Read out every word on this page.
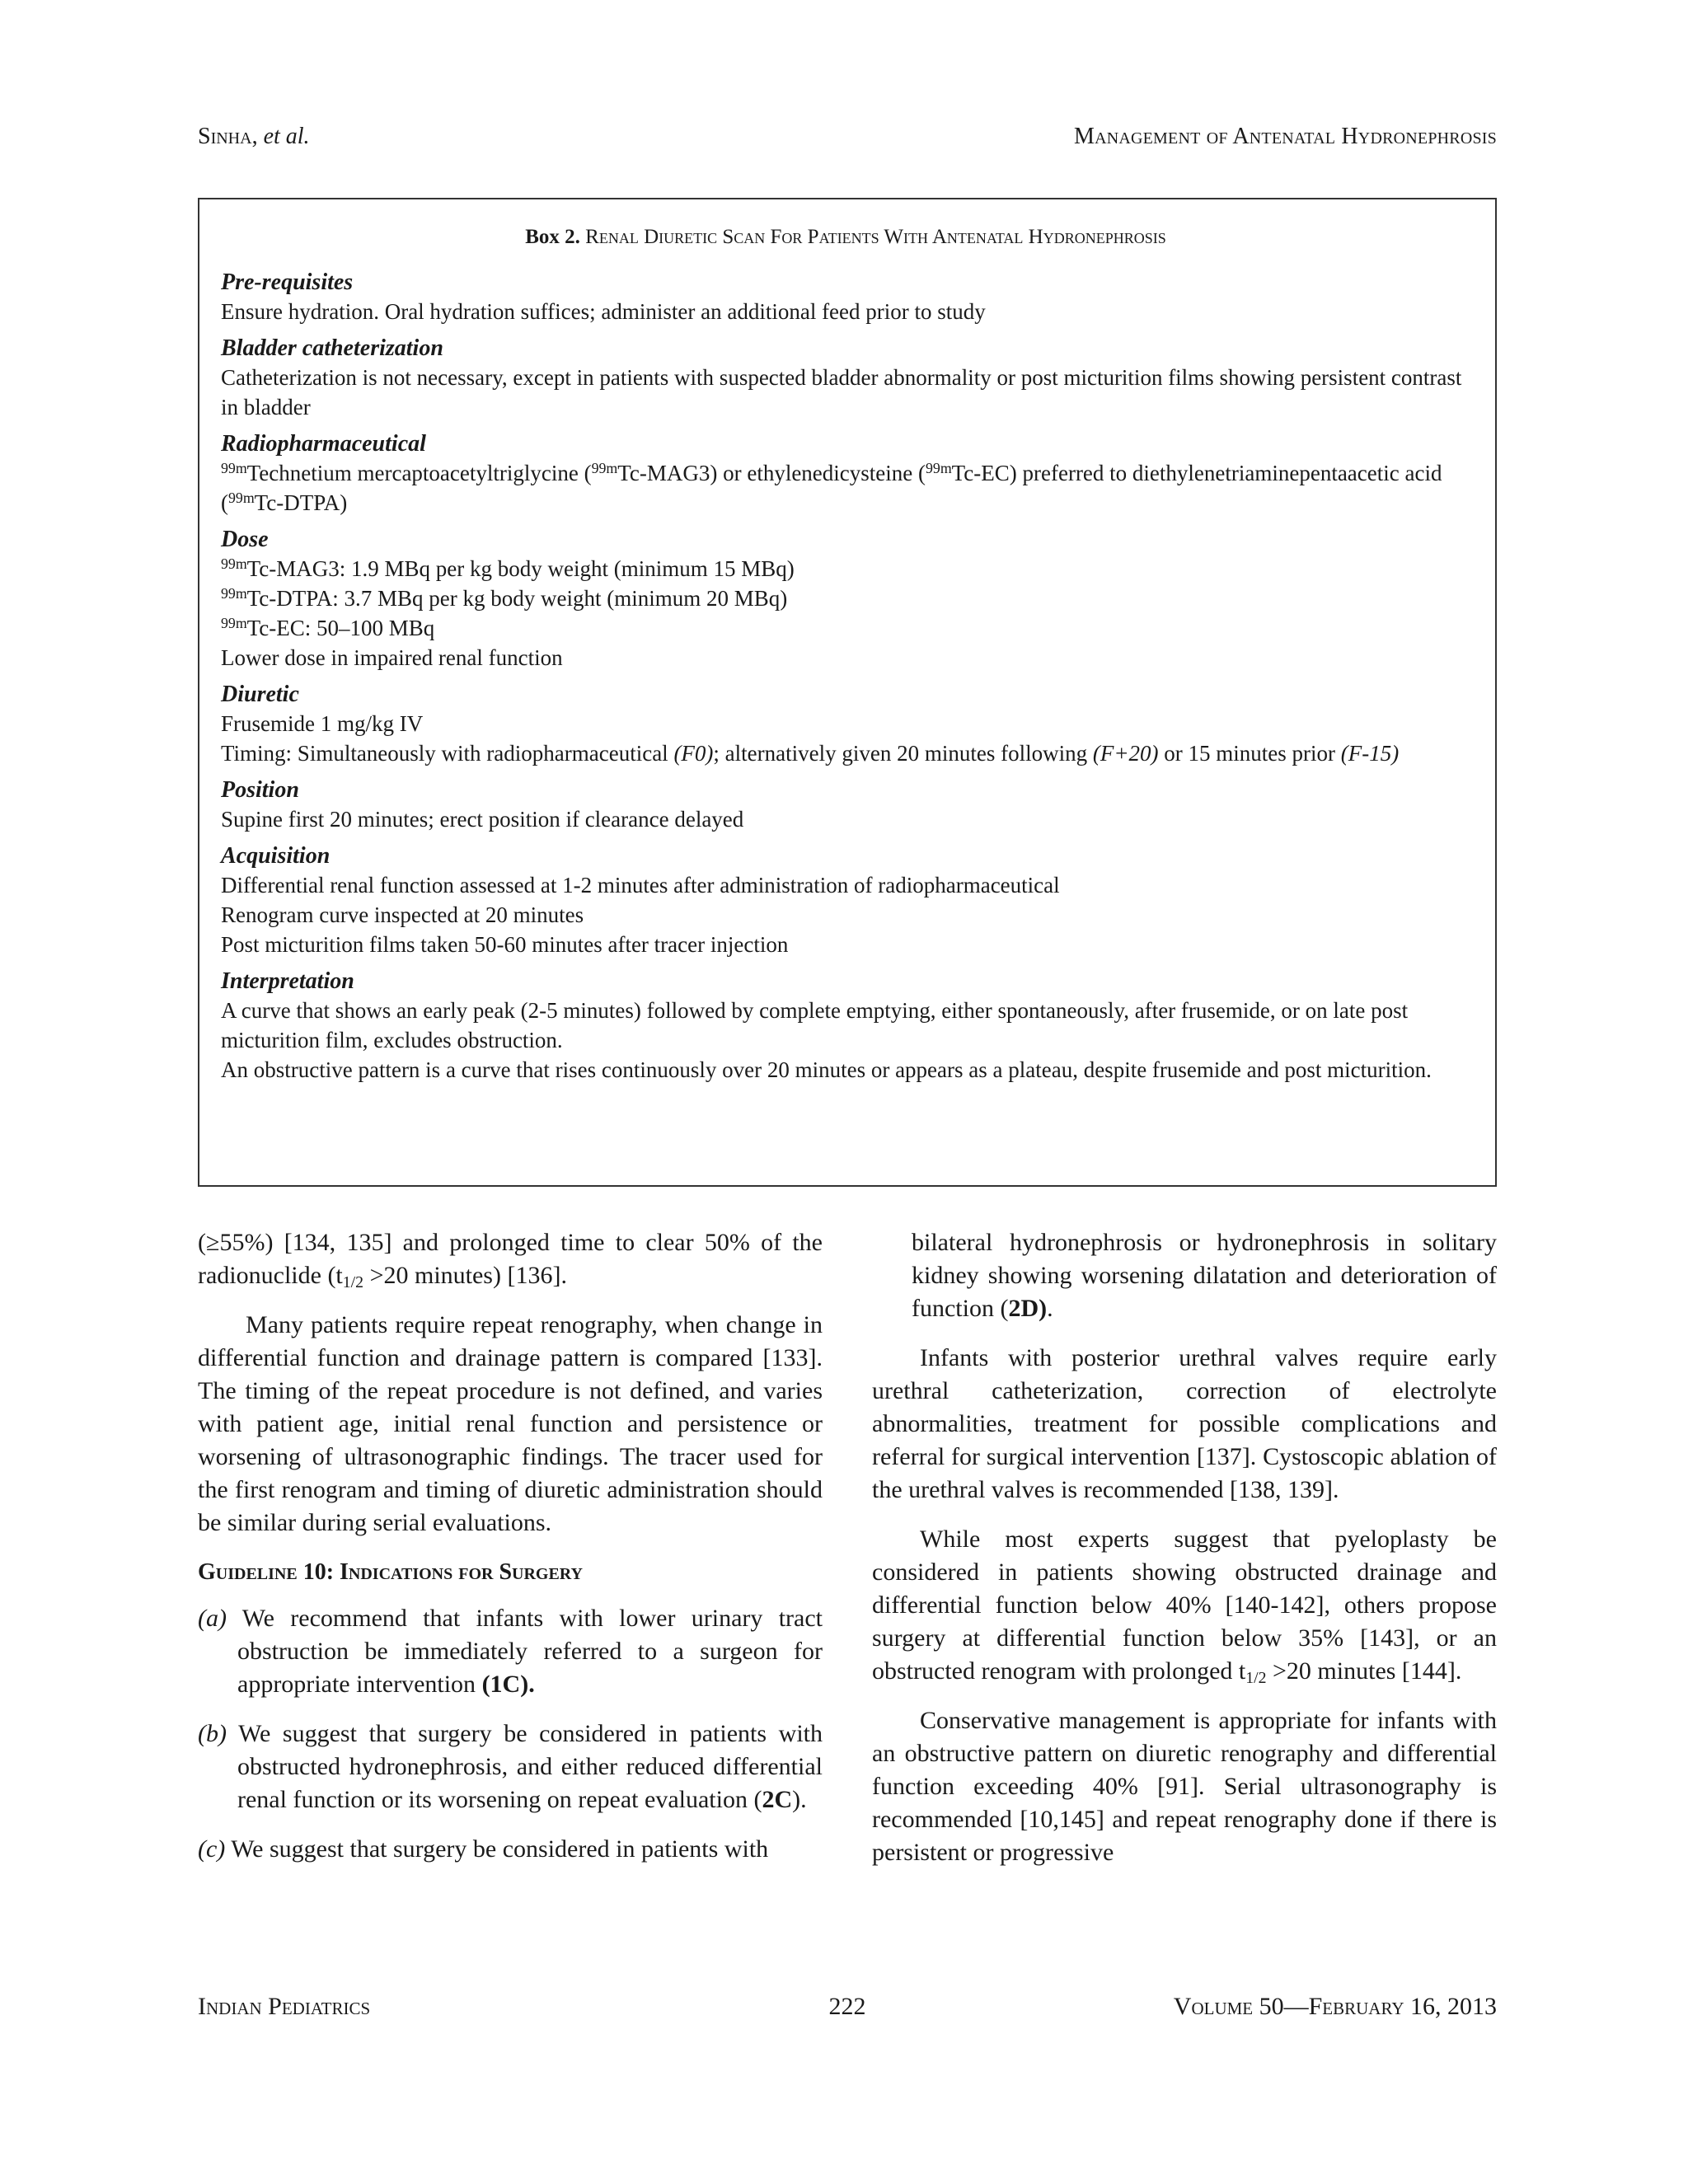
Sinha, et al.	Management of Antenatal Hydronephrosis
Box 2. Renal Diuretic Scan For Patients With Antenatal Hydronephrosis
Pre-requisites
Ensure hydration. Oral hydration suffices; administer an additional feed prior to study
Bladder catheterization
Catheterization is not necessary, except in patients with suspected bladder abnormality or post micturition films showing persistent contrast in bladder
Radiopharmaceutical
$^{99m}$Technetium mercaptoacetyltriglycine ($^{99m}$Tc-MAG3) or ethylenedicysteine ($^{99m}$Tc-EC) preferred to diethylenetriaminepentaacetic acid ($^{99m}$Tc-DTPA)
Dose
$^{99m}$Tc-MAG3: 1.9 MBq per kg body weight (minimum 15 MBq)
$^{99m}$Tc-DTPA: 3.7 MBq per kg body weight (minimum 20 MBq)
$^{99m}$Tc-EC: 50–100 MBq
Lower dose in impaired renal function
Diuretic
Frusemide 1 mg/kg IV
Timing: Simultaneously with radiopharmaceutical (F0); alternatively given 20 minutes following (F+20) or 15 minutes prior (F-15)
Position
Supine first 20 minutes; erect position if clearance delayed
Acquisition
Differential renal function assessed at 1-2 minutes after administration of radiopharmaceutical
Renogram curve inspected at 20 minutes
Post micturition films taken 50-60 minutes after tracer injection
Interpretation
A curve that shows an early peak (2-5 minutes) followed by complete emptying, either spontaneously, after frusemide, or on late post micturition film, excludes obstruction.
An obstructive pattern is a curve that rises continuously over 20 minutes or appears as a plateau, despite frusemide and post micturition.

(≥55%) [134, 135] and prolonged time to clear 50% of the radionuclide ($t_{1/2} >20$ minutes) [136].

Many patients require repeat renography, when change in differential function and drainage pattern is compared [133]. The timing of the repeat procedure is not defined, and varies with patient age, initial renal function and persistence or worsening of ultrasonographic findings. The tracer used for the first renogram and timing of diuretic administration should be similar during serial evaluations.

Guideline 10: Indications for Surgery

(a) We recommend that infants with lower urinary tract obstruction be immediately referred to a surgeon for appropriate intervention (1C).

(b) We suggest that surgery be considered in patients with obstructed hydronephrosis, and either reduced differential renal function or its worsening on repeat evaluation (2C).

(c) We suggest that surgery be considered in patients with

bilateral hydronephrosis or hydronephrosis in solitary kidney showing worsening dilatation and deterioration of function (2D).

Infants with posterior urethral valves require early urethral catheterization, correction of electrolyte abnormalities, treatment for possible complications and referral for surgical intervention [137]. Cystoscopic ablation of the urethral valves is recommended [138, 139].

While most experts suggest that pyeloplasty be considered in patients showing obstructed drainage and differential function below 40% [140-142], others propose surgery at differential function below 35% [143], or an obstructed renogram with prolonged $t_{1/2} >20$ minutes [144].

Conservative management is appropriate for infants with an obstructive pattern on diuretic renography and differential function exceeding 40% [91]. Serial ultrasonography is recommended [10,145] and repeat renography done if there is persistent or progressive

Indian Pediatrics	222	Volume 50—February 16, 2013
